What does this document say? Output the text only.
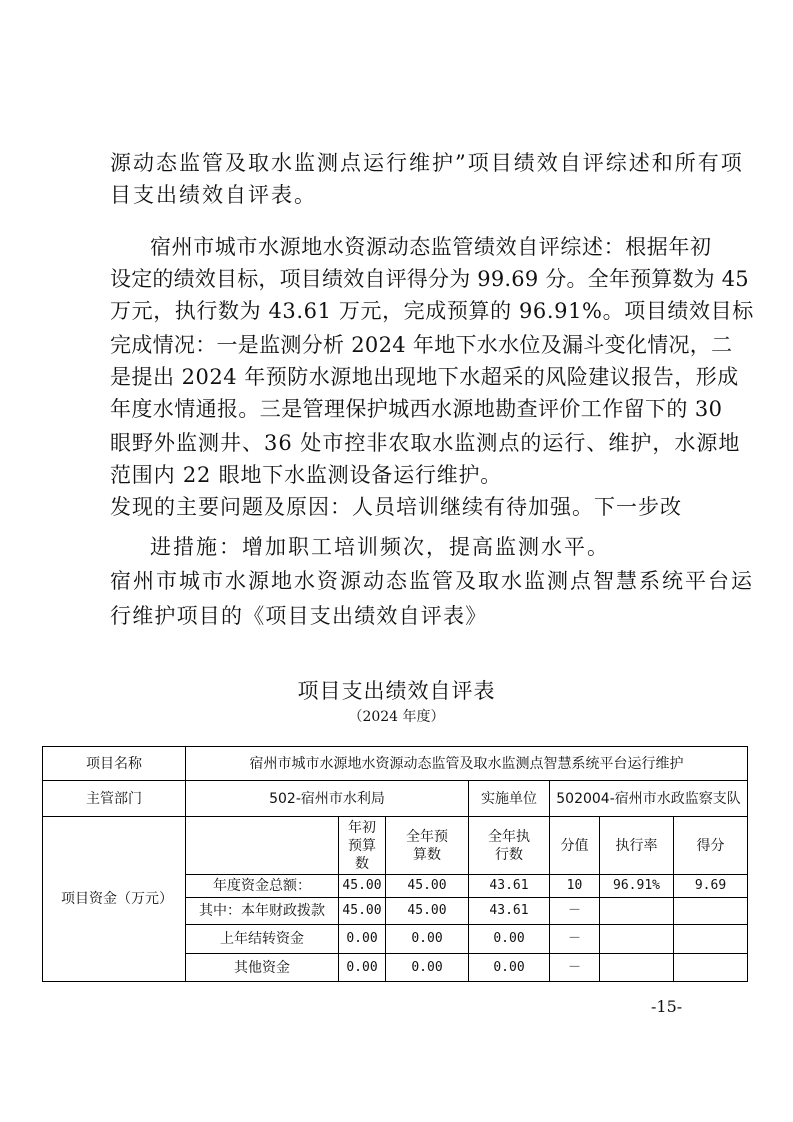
源动态监管及取水监测点运行维护”项目绩效自评综述和所有项
目支出绩效自评表。
宿州市城市水源地水资源动态监管绩效自评综述：根据年初
设定的绩效目标，项目绩效自评得分为 99.69 分。全年预算数为 45
万元，执行数为 43.61 万元，完成预算的 96.91%。项目绩效目标
完成情况：一是监测分析 2024 年地下水水位及漏斗变化情况，二
是提出 2024 年预防水源地出现地下水超采的风险建议报告，形成
年度水情通报。三是管理保护城西水源地勘查评价工作留下的 30
眼野外监测井、36 处市控非农取水监测点的运行、维护，水源地
范围内 22 眼地下水监测设备运行维护。
发现的主要问题及原因：人员培训继续有待加强。下一步改
进措施：增加职工培训频次，提高监测水平。
宿州市城市水源地水资源动态监管及取水监测点智慧系统平台运
行维护项目的《项目支出绩效自评表》
项目支出绩效自评表
（2024 年度）
项目名称	宿州市城市水源地水资源动态监管及取水监测点智慧系统平台运行维护						
主管部门	502-宿州市水利局			实施单位	502004-宿州市水政监察支队		
项目资金（万元）		年初预算数	全年预算数	全年执行数	分值	执行率	得分
	年度资金总额：	45.00	45.00	43.61	10	96.91%	9.69
	其中：本年财政拨款	45.00	45.00	43.61	－		
	上年结转资金	0.00	0.00	0.00	－		
	其他资金	0.00	0.00	0.00	－		
-15-
